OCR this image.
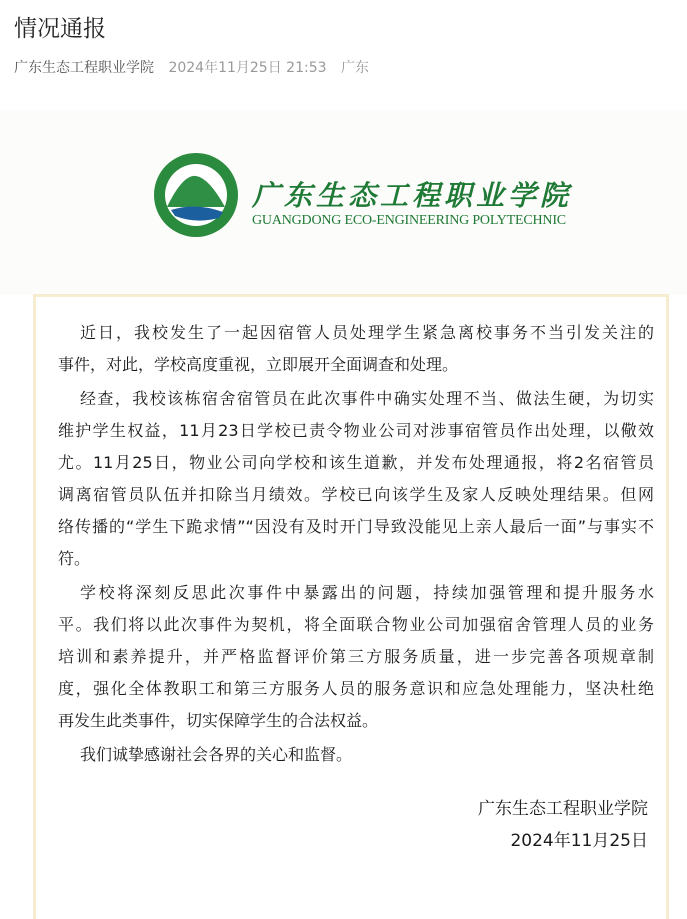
情况通报
广东生态工程职业学院 2024年11月25日 21:53 广东
广东生态工程职业学院
GUANGDONG ECO-ENGINEERING POLYTECHNIC
近日，我校发生了一起因宿管人员处理学生紧急离校事务不当引发关注的
事件，对此，学校高度重视，立即展开全面调查和处理。
经查，我校该栋宿舍宿管员在此次事件中确实处理不当、做法生硬，为切实
维护学生权益，11月23日学校已责令物业公司对涉事宿管员作出处理，以儆效
尤。11月25日，物业公司向学校和该生道歉，并发布处理通报，将2名宿管员
调离宿管员队伍并扣除当月绩效。学校已向该学生及家人反映处理结果。但网
络传播的“学生下跪求情”“因没有及时开门导致没能见上亲人最后一面”与事实不
符。
学校将深刻反思此次事件中暴露出的问题，持续加强管理和提升服务水
平。我们将以此次事件为契机，将全面联合物业公司加强宿舍管理人员的业务
培训和素养提升，并严格监督评价第三方服务质量，进一步完善各项规章制
度，强化全体教职工和第三方服务人员的服务意识和应急处理能力，坚决杜绝
再发生此类事件，切实保障学生的合法权益。
我们诚挚感谢社会各界的关心和监督。
广东生态工程职业学院
2024年11月25日
